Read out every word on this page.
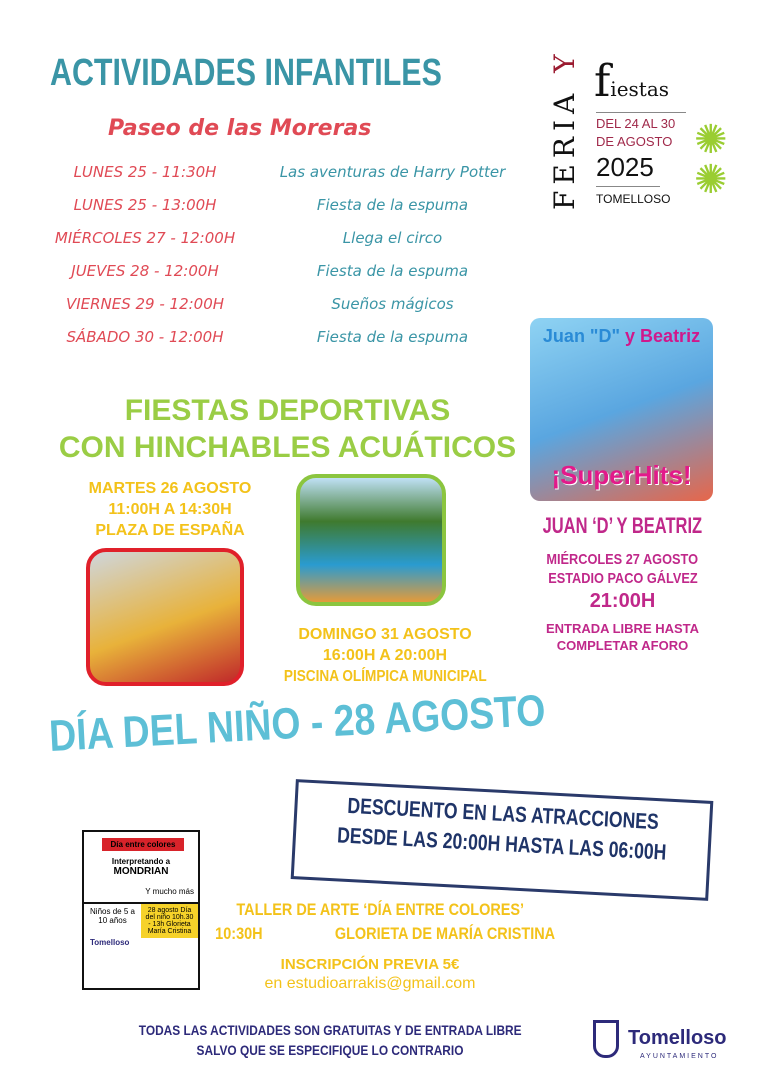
ACTIVIDADES INFANTILES
Paseo de las Moreras
LUNES 25 - 11:30H	Las aventuras de Harry Potter
LUNES 25 - 13:00H	Fiesta de la espuma
MIÉRCOLES 27 - 12:00H	Llega el circo
JUEVES 28 - 12:00H	Fiesta de la espuma
VIERNES 29 - 12:00H	Sueños mágicos
SÁBADO 30 - 12:00H	Fiesta de la espuma
FERIA Y fiestas
DEL 24 AL 30 DE AGOSTO
2025
TOMELLOSO
✺
✺
FIESTAS DEPORTIVAS
CON HINCHABLES ACUÁTICOS
MARTES 26 AGOSTO
11:00H A 14:30H
PLAZA DE ESPAÑA
DOMINGO 31 AGOSTO
16:00H A 20:00H
PISCINA OLÍMPICA MUNICIPAL
Juan "D" y Beatriz
¡SuperHits!
JUAN ‘D’ Y BEATRIZ
MIÉRCOLES 27 AGOSTO
ESTADIO PACO GÁLVEZ
21:00H
ENTRADA LIBRE HASTA
COMPLETAR AFORO
DÍA DEL NIÑO - 28 AGOSTO
DESCUENTO EN LAS ATRACCIONES
DESDE LAS 20:00H HASTA LAS 06:00H
Día entre colores
Interpretando a
MONDRIAN
Y mucho más
Niños de 5 a 10 años
28 agosto Día del niño 10h.30 - 13h Glorieta María Cristina
Tomelloso
TALLER DE ARTE ‘DÍA ENTRE COLORES’
10:30H	GLORIETA DE MARÍA CRISTINA
INSCRIPCIÓN PREVIA 5€
en estudioarrakis@gmail.com
TODAS LAS ACTIVIDADES SON GRATUITAS Y DE ENTRADA LIBRE
SALVO QUE SE ESPECIFIQUE LO CONTRARIO
Tomelloso
AYUNTAMIENTO
